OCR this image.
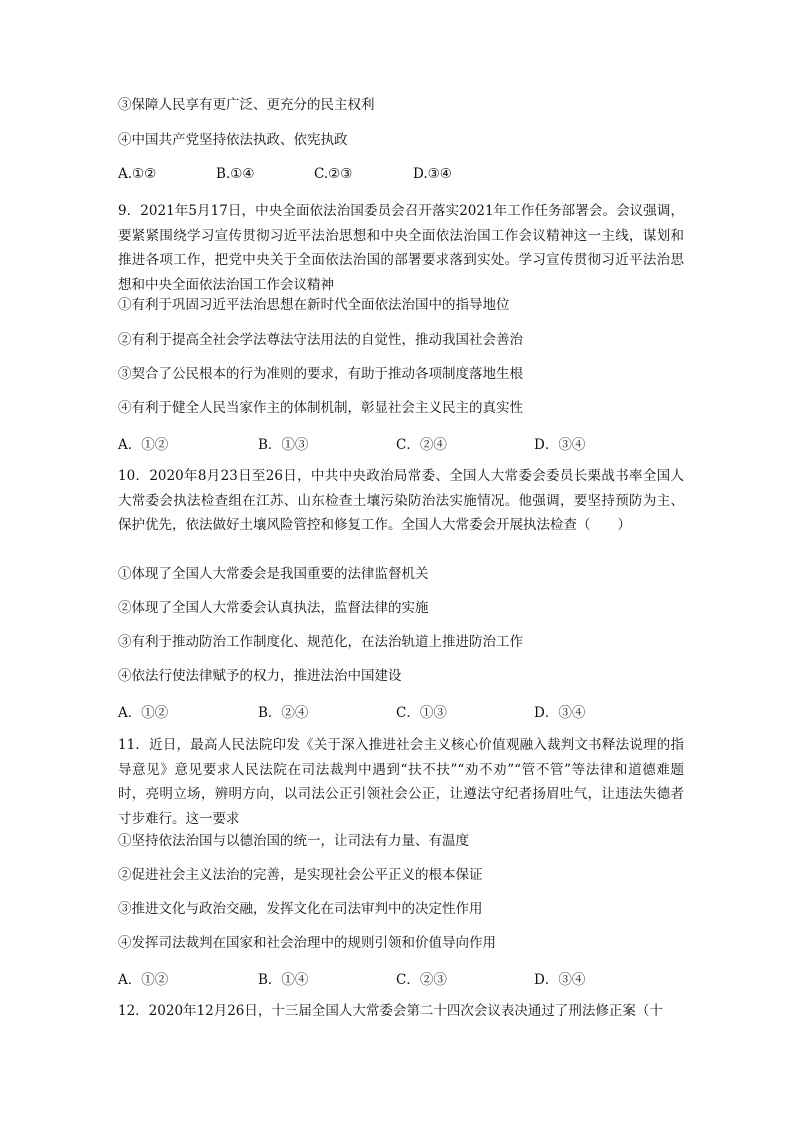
③保障人民享有更广泛、更充分的民主权利
④中国共产党坚持依法执政、依宪执政
A.①②	B.①④	C.②③	D.③④
9．2021年5月17日，中央全面依法治国委员会召开落实2021年工作任务部署会。会议强调，要紧紧围绕学习宣传贯彻习近平法治思想和中央全面依法治国工作会议精神这一主线，谋划和推进各项工作，把党中央关于全面依法治国的部署要求落到实处。学习宣传贯彻习近平法治思想和中央全面依法治国工作会议精神
①有利于巩固习近平法治思想在新时代全面依法治国中的指导地位
②有利于提高全社会学法尊法守法用法的自觉性，推动我国社会善治
③契合了公民根本的行为准则的要求，有助于推动各项制度落地生根
④有利于健全人民当家作主的体制机制，彰显社会主义民主的真实性
A．①②	B．①③	C．②④	D．③④
10．2020年8月23日至26日，中共中央政治局常委、全国人大常委会委员长栗战书率全国人大常委会执法检查组在江苏、山东检查土壤污染防治法实施情况。他强调，要坚持预防为主、保护优先，依法做好土壤风险管控和修复工作。全国人大常委会开展执法检查（　　）
①体现了全国人大常委会是我国重要的法律监督机关
②体现了全国人大常委会认真执法，监督法律的实施
③有利于推动防治工作制度化、规范化，在法治轨道上推进防治工作
④依法行使法律赋予的权力，推进法治中国建设
A．①②	B．②④	C．①③	D．③④
11．近日，最高人民法院印发《关于深入推进社会主义核心价值观融入裁判文书释法说理的指导意见》意见要求人民法院在司法裁判中遇到“扶不扶”“劝不劝”“管不管”等法律和道德难题时，亮明立场，辨明方向，以司法公正引领社会公正，让遵法守纪者扬眉吐气，让违法失德者寸步难行。这一要求
①坚持依法治国与以德治国的统一，让司法有力量、有温度
②促进社会主义法治的完善，是实现社会公平正义的根本保证
③推进文化与政治交融，发挥文化在司法审判中的决定性作用
④发挥司法裁判在国家和社会治理中的规则引领和价值导向作用
A．①②	B．①④	C．②③	D．③④
12．2020年12月26日，十三届全国人大常委会第二十四次会议表决通过了刑法修正案（十
